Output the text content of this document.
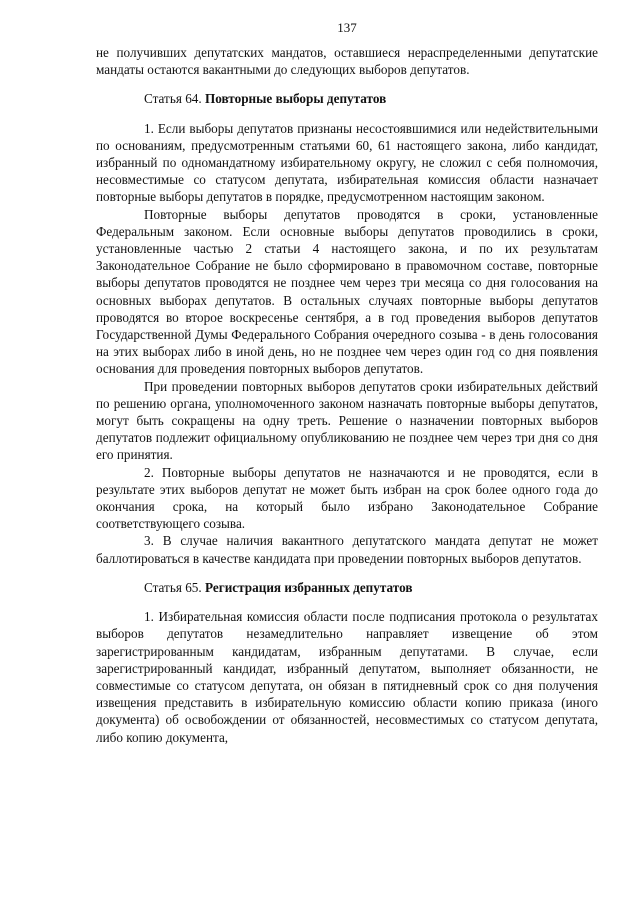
137

не получивших депутатских мандатов, оставшиеся нераспределенными депутатские мандаты остаются вакантными до следующих выборов депутатов.

Статья 64. Повторные выборы депутатов

1. Если выборы депутатов признаны несостоявшимися или недействительными по основаниям, предусмотренным статьями 60, 61 настоящего закона, либо кандидат, избранный по одномандатному избирательному округу, не сложил с себя полномочия, несовместимые со статусом депутата, избирательная комиссия области назначает повторные выборы депутатов в порядке, предусмотренном настоящим законом.

Повторные выборы депутатов проводятся в сроки, установленные Федеральным законом. Если основные выборы депутатов проводились в сроки, установленные частью 2 статьи 4 настоящего закона, и по их результатам Законодательное Собрание не было сформировано в правомочном составе, повторные выборы депутатов проводятся не позднее чем через три месяца со дня голосования на основных выборах депутатов. В остальных случаях повторные выборы депутатов проводятся во второе воскресенье сентября, а в год проведения выборов депутатов Государственной Думы Федерального Собрания очередного созыва - в день голосования на этих выборах либо в иной день, но не позднее чем через один год со дня появления основания для проведения повторных выборов депутатов.

При проведении повторных выборов депутатов сроки избирательных действий по решению органа, уполномоченного законом назначать повторные выборы депутатов, могут быть сокращены на одну треть. Решение о назначении повторных выборов депутатов подлежит официальному опубликованию не позднее чем через три дня со дня его принятия.

2. Повторные выборы депутатов не назначаются и не проводятся, если в результате этих выборов депутат не может быть избран на срок более одного года до окончания срока, на который было избрано Законодательное Собрание соответствующего созыва.

3. В случае наличия вакантного депутатского мандата депутат не может баллотироваться в качестве кандидата при проведении повторных выборов депутатов.

Статья 65. Регистрация избранных депутатов

1. Избирательная комиссия области после подписания протокола о результатах выборов депутатов незамедлительно направляет извещение об этом зарегистрированным кандидатам, избранным депутатами. В случае, если зарегистрированный кандидат, избранный депутатом, выполняет обязанности, не совместимые со статусом депутата, он обязан в пятидневный срок со дня получения извещения представить в избирательную комиссию области копию приказа (иного документа) об освобождении от обязанностей, несовместимых со статусом депутата, либо копию документа,
